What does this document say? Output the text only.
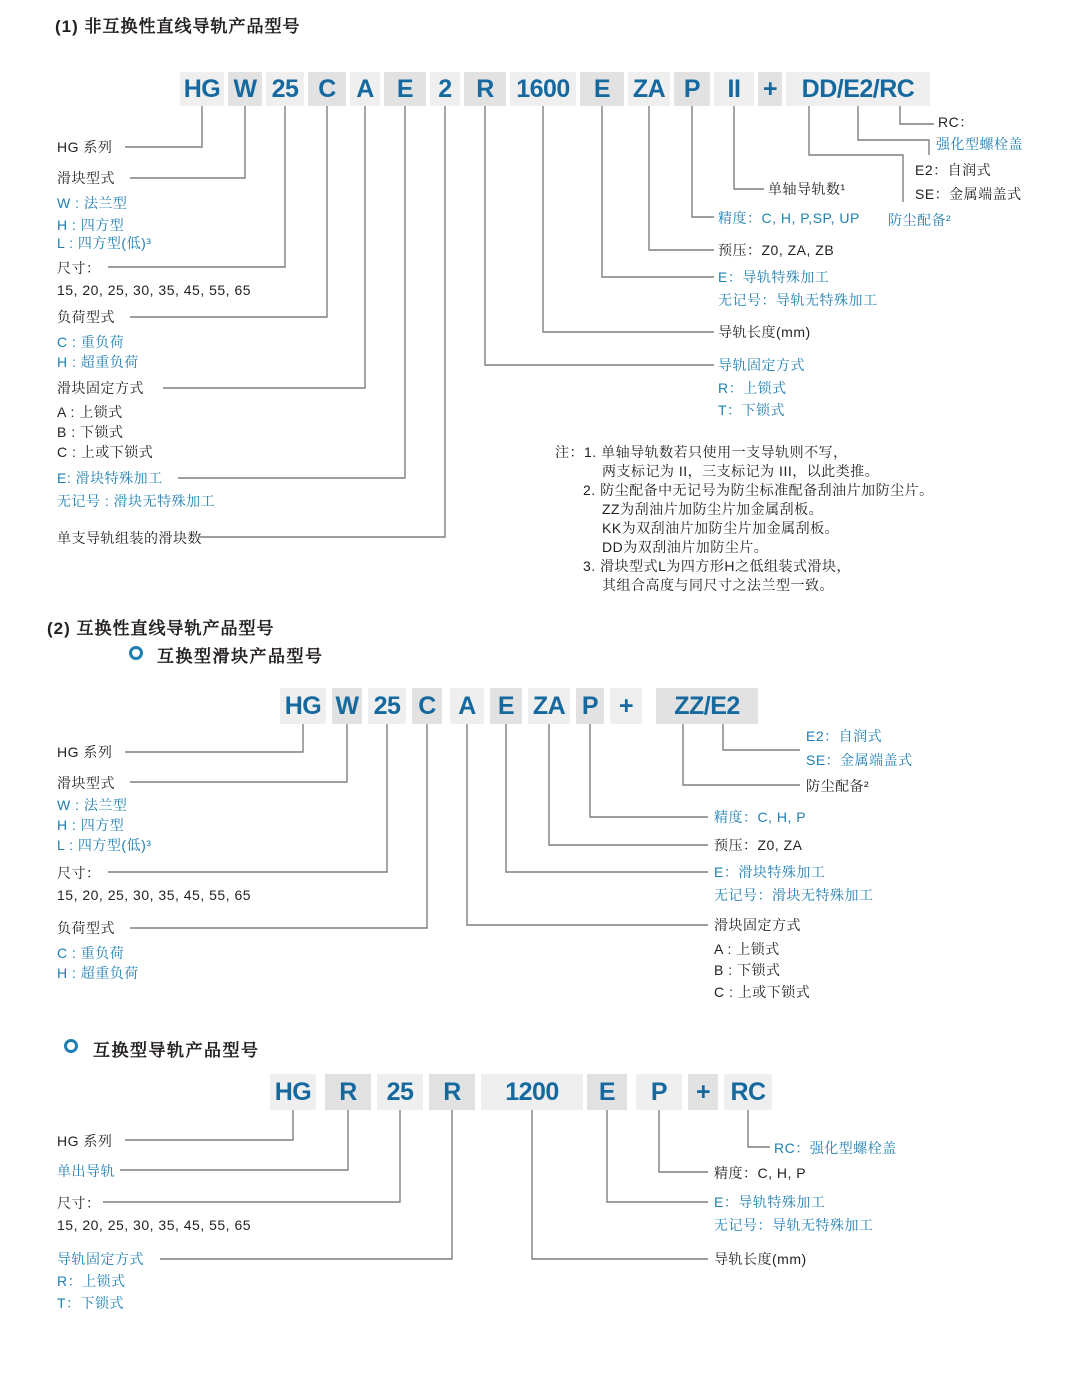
(1) 非互换性直线导轨产品型号
HG W 25 C A E	2 R 1600 E ZA P	II + DD/E2/RC
HG 系列
滑块型式
W : 法兰型
H : 四方型
L : 四方型(低)³
尺寸：
15, 20, 25, 30, 35, 45, 55, 65
负荷型式
C : 重负荷
H : 超重负荷
滑块固定方式
A : 上锁式
B : 下锁式
C : 上或下锁式
E: 滑块特殊加工
无记号 : 滑块无特殊加工
单支导轨组装的滑块数
RC：
强化型螺栓盖
E2：自润式
SE：金属端盖式
单轴导轨数¹
防尘配备²
精度：C, H, P,SP, UP
预压：Z0, ZA, ZB
E：导轨特殊加工
无记号：导轨无特殊加工
导轨长度(mm)
导轨固定方式
R：上锁式
T：下锁式
注：1. 单轴导轨数若只使用一支导轨则不写，
两支标记为 II，三支标记为 III，以此类推。
2. 防尘配备中无记号为防尘标准配备刮油片加防尘片。
ZZ为刮油片加防尘片加金属刮板。
KK为双刮油片加防尘片加金属刮板。
DD为双刮油片加防尘片。
3. 滑块型式L为四方形H之低组装式滑块，
其组合高度与同尺寸之法兰型一致。
(2) 互换性直线导轨产品型号
互换型滑块产品型号
HG W 25 C A E ZA P +	ZZ/E2
HG 系列
滑块型式
W : 法兰型
H : 四方型
L : 四方型(低)³
尺寸：
15, 20, 25, 30, 35, 45, 55, 65
负荷型式
C : 重负荷
H : 超重负荷
E2：自润式
SE：金属端盖式
防尘配备²
精度：C, H, P
预压：Z0, ZA
E：滑块特殊加工
无记号：滑块无特殊加工
滑块固定方式
A : 上锁式
B : 下锁式
C : 上或下锁式
互换型导轨产品型号
HG	R	25	R	1200	E	P	+ RC
HG 系列
单出导轨
尺寸：
15, 20, 25, 30, 35, 45, 55, 65
导轨固定方式
R：上锁式
T：下锁式
RC：强化型螺栓盖
精度：C, H, P
E：导轨特殊加工
无记号：导轨无特殊加工
导轨长度(mm)
